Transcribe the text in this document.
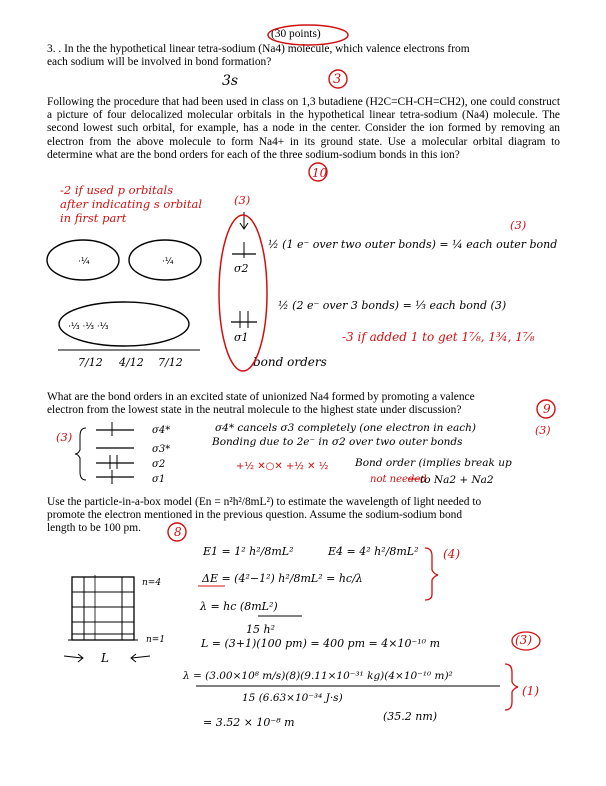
(30 points)
3. . In the the hypothetical linear tetra-sodium (Na4) molecule, which valence electrons from
each sodium will be involved in bond formation?
3s	3
Following the procedure that had been used in class on 1,3 butadiene (H2C=CH-CH=CH2), one could construct a picture of four delocalized molecular orbitals in the hypothetical linear tetra-sodium (Na4) molecule. The second lowest such orbital, for example, has a node in the center. Consider the ion formed by removing an electron from the above molecule to form Na4+ in its ground state. Use a molecular orbital diagram to determine what are the bond orders for each of the three sodium-sodium bonds in this ion?
10
-2 if used p orbitals
after indicating s orbital
in first part
(3)
σ2
σ1
½ (1 e⁻ over two outer bonds) = ¼ each outer bond
(3)
½ (2 e⁻ over 3 bonds) = ⅓ each bond (3)
-3 if added 1 to get 1⅞, 1¾, 1⅞
7/12 4/12 7/12	bond orders
What are the bond orders in an excited state of unionized Na4 formed by promoting a valence
electron from the lowest state in the neutral molecule to the highest state under discussion?	9
(3)	σ4*
σ3*
σ2
σ1
σ4* cancels σ3 completely (one electron in each)
Bonding due to 2e⁻ in σ2 over two outer bonds
(3)
Bond order (implies break up
not needed
to Na2 + Na2
Use the particle-in-a-box model (En = n²h²/8mL²) to estimate the wavelength of light needed to
promote the electron mentioned in the previous question. Assume the sodium-sodium bond
length to be 100 pm.	8
E1 = 1² h²/8mL²	E4 = 4² h²/8mL² (4)
ΔE = (4²−1²) h²/8mL² = hc/λ
λ = hc (8mL²)
15 h²
L = (3+1)(100 pm) = 400 pm = 4×10⁻¹⁰ m	(3)
λ = (3.00×10⁸ m/s)(8)(9.11×10⁻³¹ kg)(4×10⁻¹⁰ m)²
15 (6.63×10⁻³⁴ J·s)	(1)
= 3.52 × 10⁻⁸ m	(35.2 nm)
n=4
n=1
L
·¼	·¼
·⅓ ·⅓ ·⅓
+½ ✕○✕ +½ ✕ ½
